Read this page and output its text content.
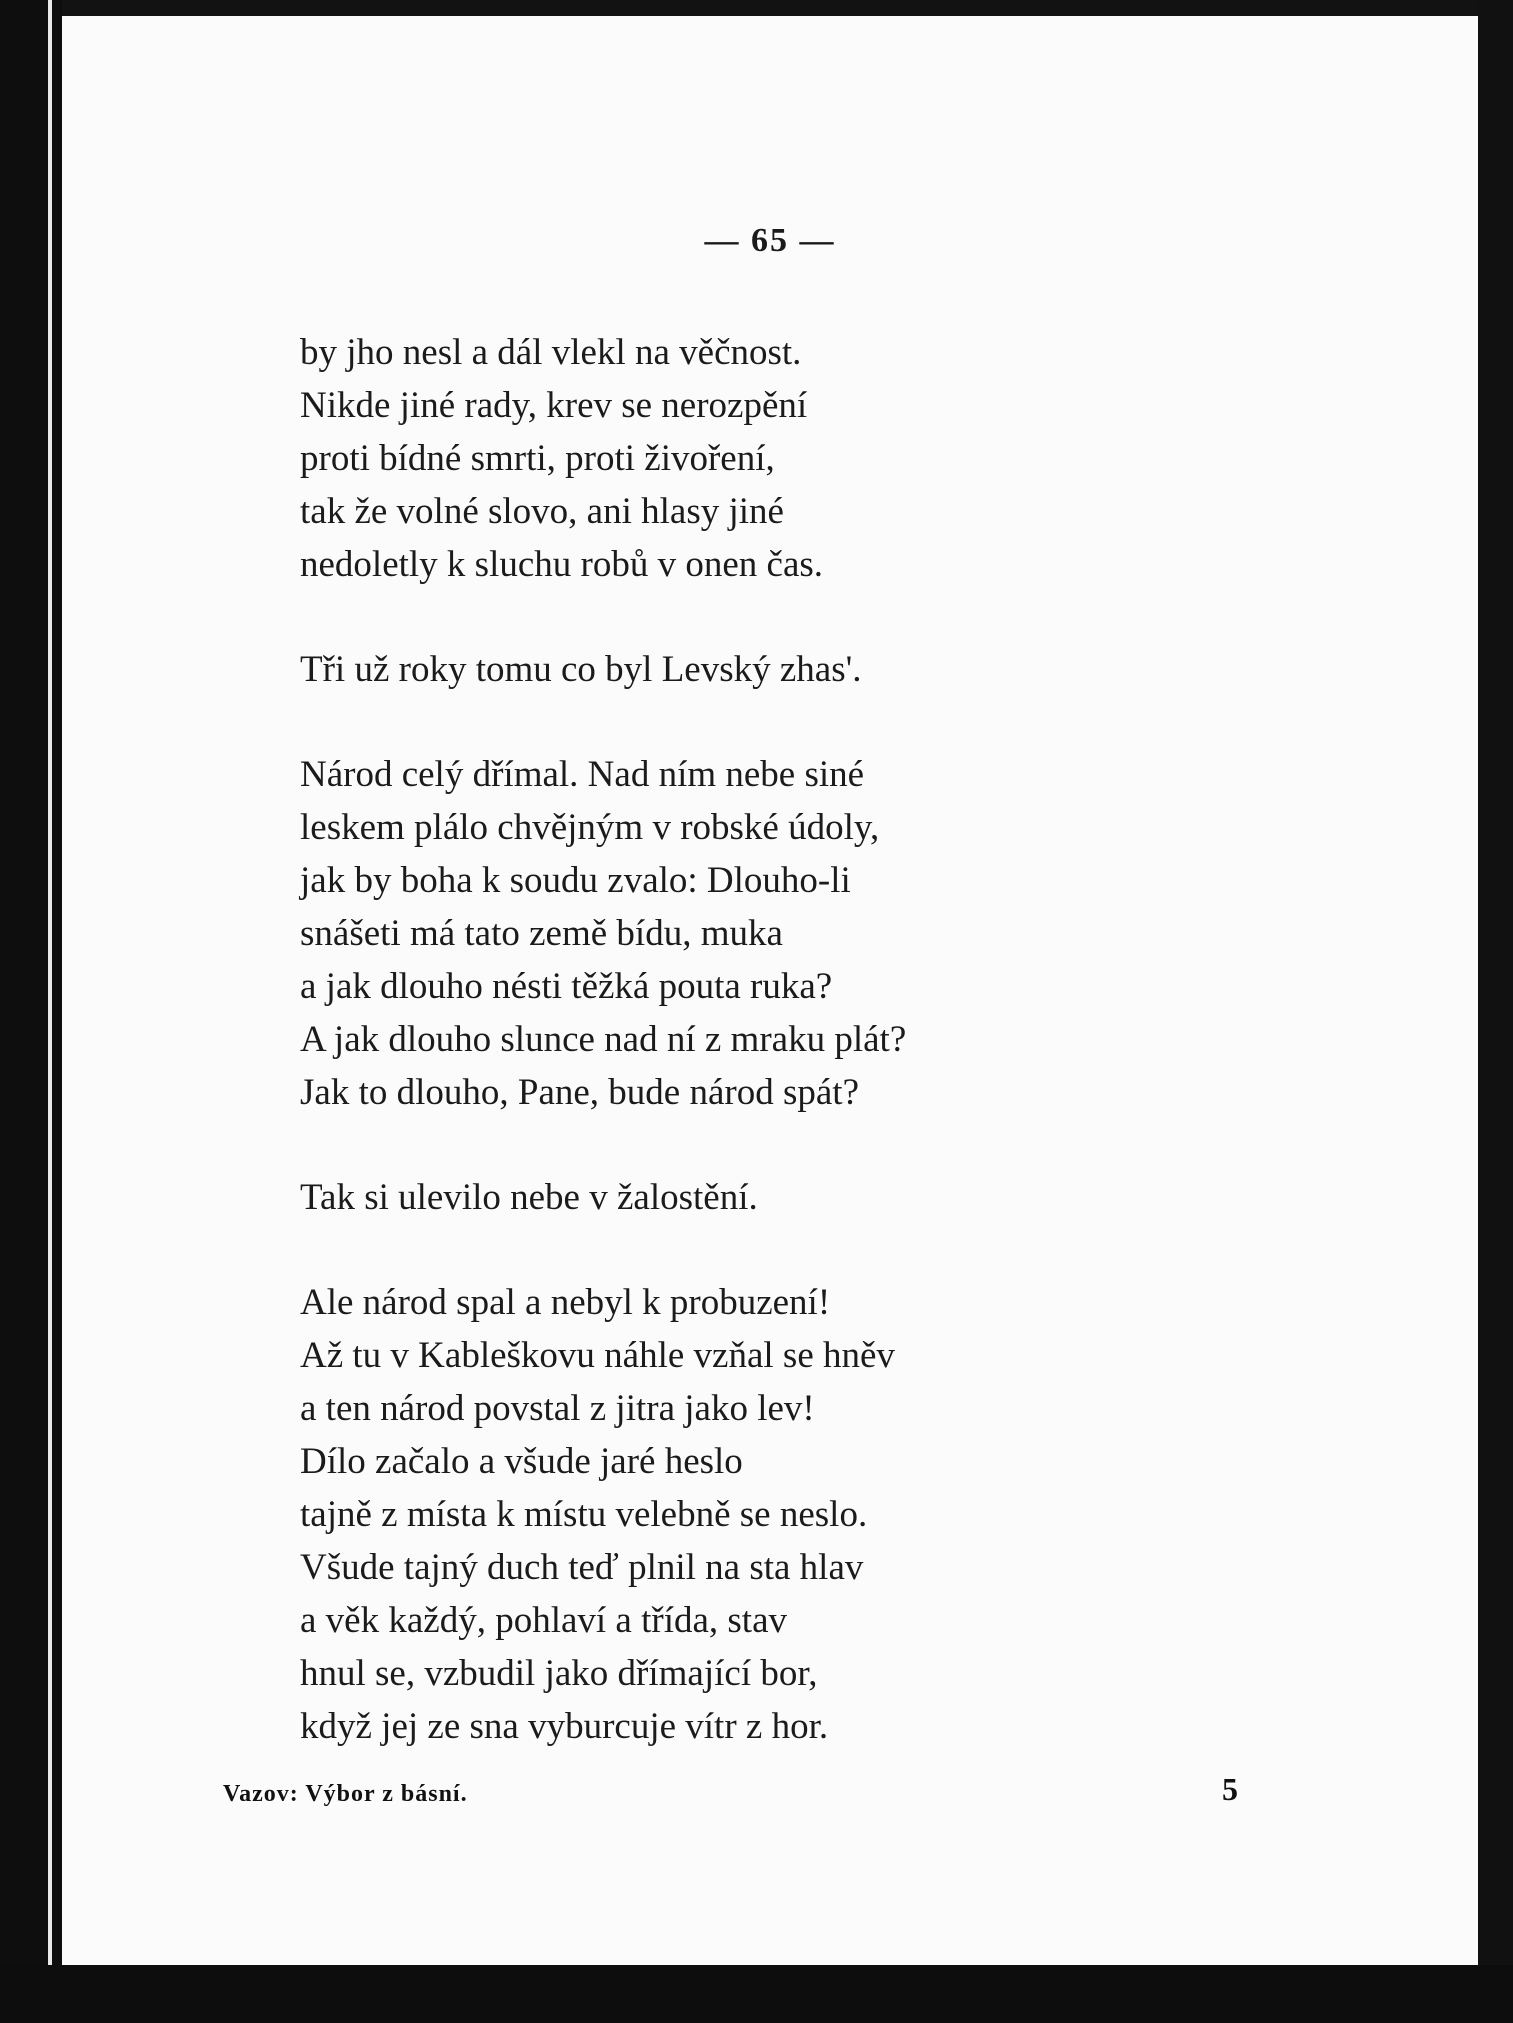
— 65 —
by jho nesl a dál vlekl na věčnost.
Nikde jiné rady, krev se nerozpění
proti bídné smrti, proti živoření,
tak že volné slovo, ani hlasy jiné
nedoletly k sluchu robů v onen čas.
Tři už roky tomu co byl Levský zhas'.
Národ celý dřímal. Nad ním nebe siné
leskem plálo chvějným v robské údoly,
jak by boha k soudu zvalo: Dlouho-li
snášeti má tato země bídu, muka
a jak dlouho nésti těžká pouta ruka?
A jak dlouho slunce nad ní z mraku plát?
Jak to dlouho, Pane, bude národ spát?
Tak si ulevilo nebe v žalostění.
Ale národ spal a nebyl k probuzení!
Až tu v Kableškovu náhle vzňal se hněv
a ten národ povstal z jitra jako lev!
Dílo začalo a všude jaré heslo
tajně z místa k místu velebně se neslo.
Všude tajný duch teď plnil na sta hlav
a věk každý, pohlaví a třída, stav
hnul se, vzbudil jako dřímající bor,
když jej ze sna vyburcuje vítr z hor.
Vazov: Výbor z básní.	5
